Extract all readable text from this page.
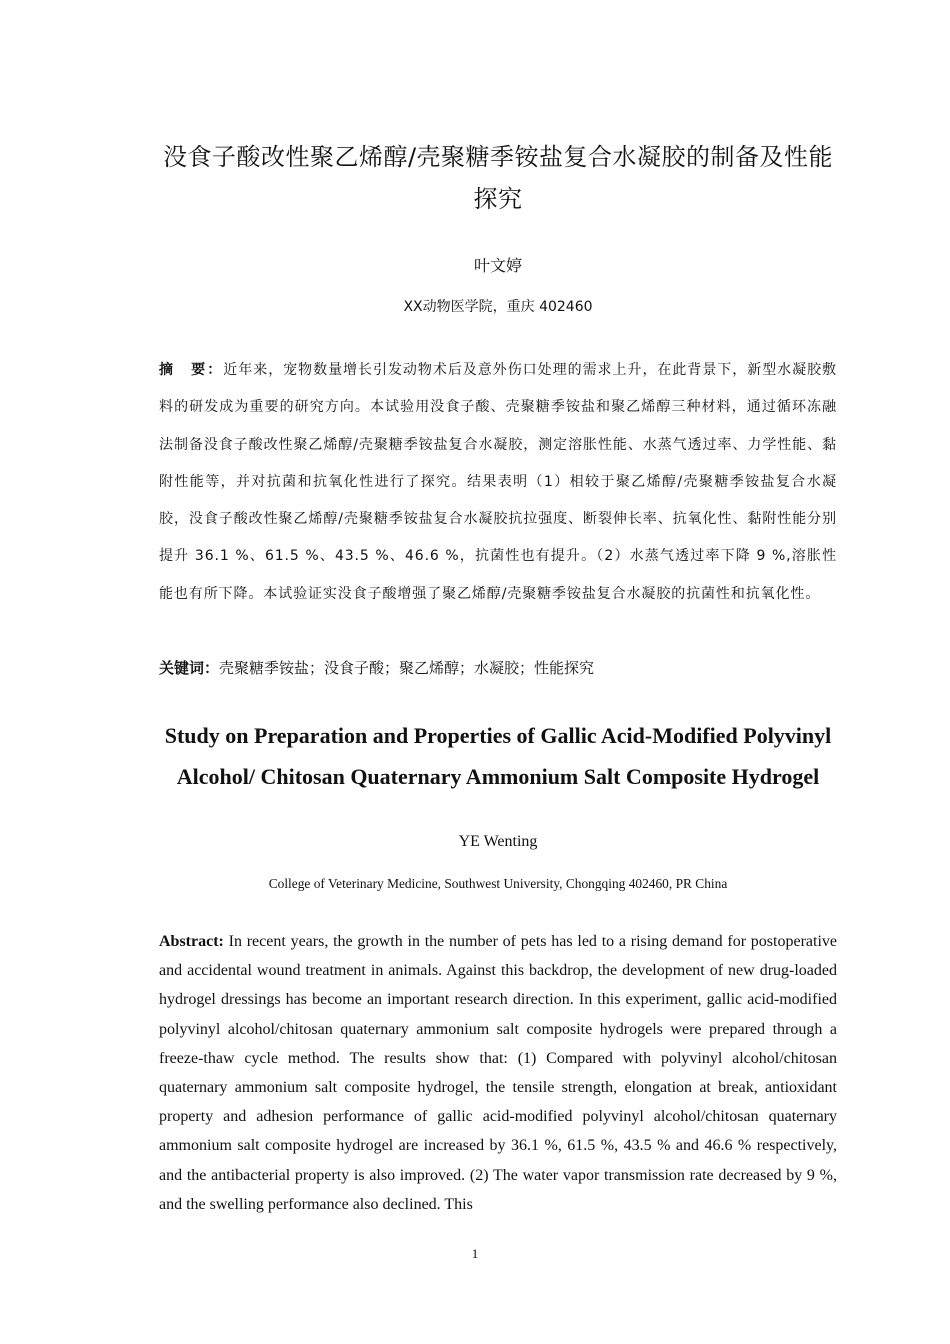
没食子酸改性聚乙烯醇/壳聚糖季铵盐复合水凝胶的制备及性能探究
叶文婷
XX动物医学院，重庆 402460
摘　要：近年来，宠物数量增长引发动物术后及意外伤口处理的需求上升，在此背景下，新型水凝胶敷料的研发成为重要的研究方向。本试验用没食子酸、壳聚糖季铵盐和聚乙烯醇三种材料，通过循环冻融法制备没食子酸改性聚乙烯醇/壳聚糖季铵盐复合水凝胶，测定溶胀性能、水蒸气透过率、力学性能、黏附性能等，并对抗菌和抗氧化性进行了探究。结果表明（1）相较于聚乙烯醇/壳聚糖季铵盐复合水凝胶，没食子酸改性聚乙烯醇/壳聚糖季铵盐复合水凝胶抗拉强度、断裂伸长率、抗氧化性、黏附性能分别提升 36.1 %、61.5 %、43.5 %、46.6 %，抗菌性也有提升。（2）水蒸气透过率下降 9 %,溶胀性能也有所下降。本试验证实没食子酸增强了聚乙烯醇/壳聚糖季铵盐复合水凝胶的抗菌性和抗氧化性。
关键词：壳聚糖季铵盐；没食子酸；聚乙烯醇；水凝胶；性能探究
Study on Preparation and Properties of Gallic Acid-Modified Polyvinyl Alcohol/ Chitosan Quaternary Ammonium Salt Composite Hydrogel
YE Wenting
College of Veterinary Medicine, Southwest University, Chongqing 402460, PR China
Abstract: In recent years, the growth in the number of pets has led to a rising demand for postoperative and accidental wound treatment in animals. Against this backdrop, the development of new drug-loaded hydrogel dressings has become an important research direction. In this experiment, gallic acid-modified polyvinyl alcohol/chitosan quaternary ammonium salt composite hydrogels were prepared through a freeze-thaw cycle method. The results show that: (1) Compared with polyvinyl alcohol/chitosan quaternary ammonium salt composite hydrogel, the tensile strength, elongation at break, antioxidant property and adhesion performance of gallic acid-modified polyvinyl alcohol/chitosan quaternary ammonium salt composite hydrogel are increased by 36.1 %, 61.5 %, 43.5 % and 46.6 % respectively, and the antibacterial property is also improved. (2) The water vapor transmission rate decreased by 9 %, and the swelling performance also declined. This
1
